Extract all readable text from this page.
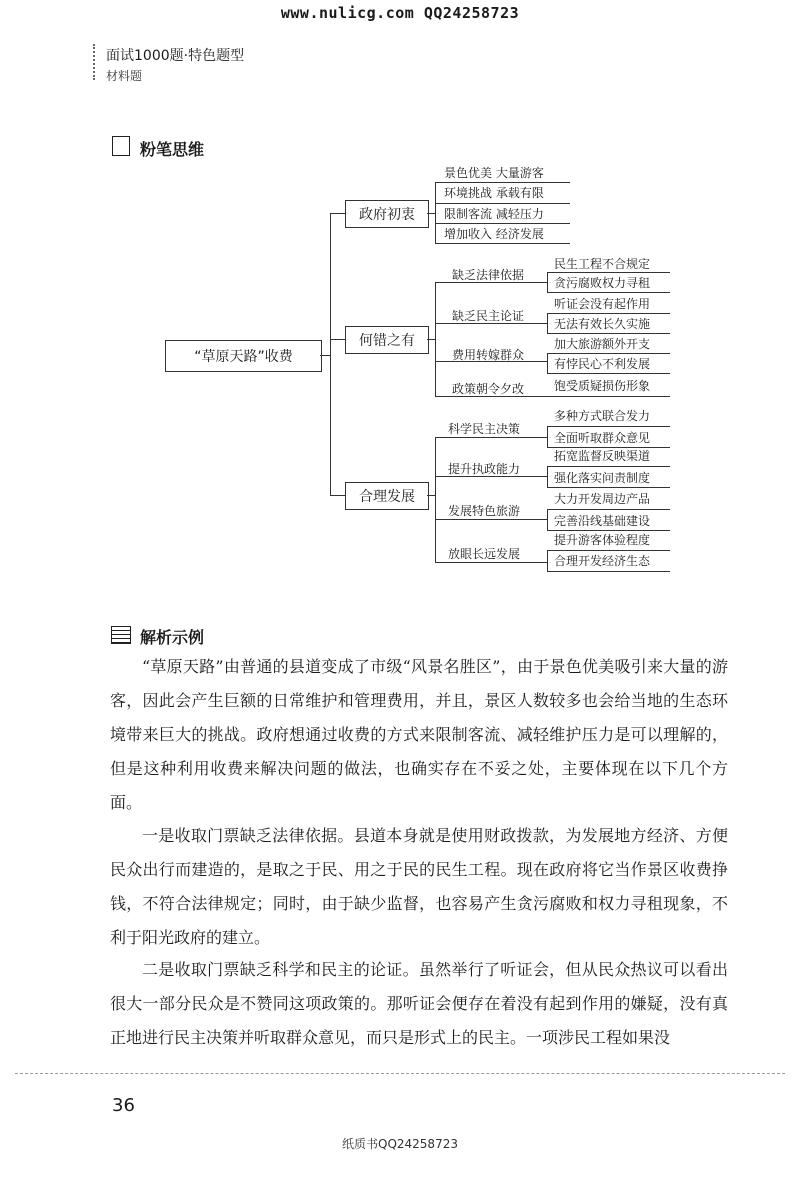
www.nulicg.com QQ24258723
面试1000题·特色题型
材料题
粉笔思维
“草原天路”收费
政府初衷
景色优美 大量游客
环境挑战 承载有限
限制客流 减轻压力
增加收入 经济发展
何错之有
缺乏法律依据
民生工程不合规定
贪污腐败权力寻租
缺乏民主论证
听证会没有起作用
无法有效长久实施
费用转嫁群众
加大旅游额外开支
有悖民心不利发展
政策朝令夕改 饱受质疑损伤形象
合理发展
科学民主决策
多种方式联合发力
全面听取群众意见
提升执政能力
拓宽监督反映渠道
强化落实问责制度
发展特色旅游
大力开发周边产品
完善沿线基础建设
放眼长远发展
提升游客体验程度
合理开发经济生态
解析示例
“草原天路”由普通的县道变成了市级“风景名胜区”，由于景色优美吸引来大量的游客，因此会产生巨额的日常维护和管理费用，并且，景区人数较多也会给当地的生态环境带来巨大的挑战。政府想通过收费的方式来限制客流、减轻维护压力是可以理解的，但是这种利用收费来解决问题的做法，也确实存在不妥之处，主要体现在以下几个方面。
一是收取门票缺乏法律依据。县道本身就是使用财政拨款，为发展地方经济、方便民众出行而建造的，是取之于民、用之于民的民生工程。现在政府将它当作景区收费挣钱，不符合法律规定；同时，由于缺少监督，也容易产生贪污腐败和权力寻租现象，不利于阳光政府的建立。
二是收取门票缺乏科学和民主的论证。虽然举行了听证会，但从民众热议可以看出很大一部分民众是不赞同这项政策的。那听证会便存在着没有起到作用的嫌疑，没有真正地进行民主决策并听取群众意见，而只是形式上的民主。一项涉民工程如果没
36
纸质书QQ24258723
